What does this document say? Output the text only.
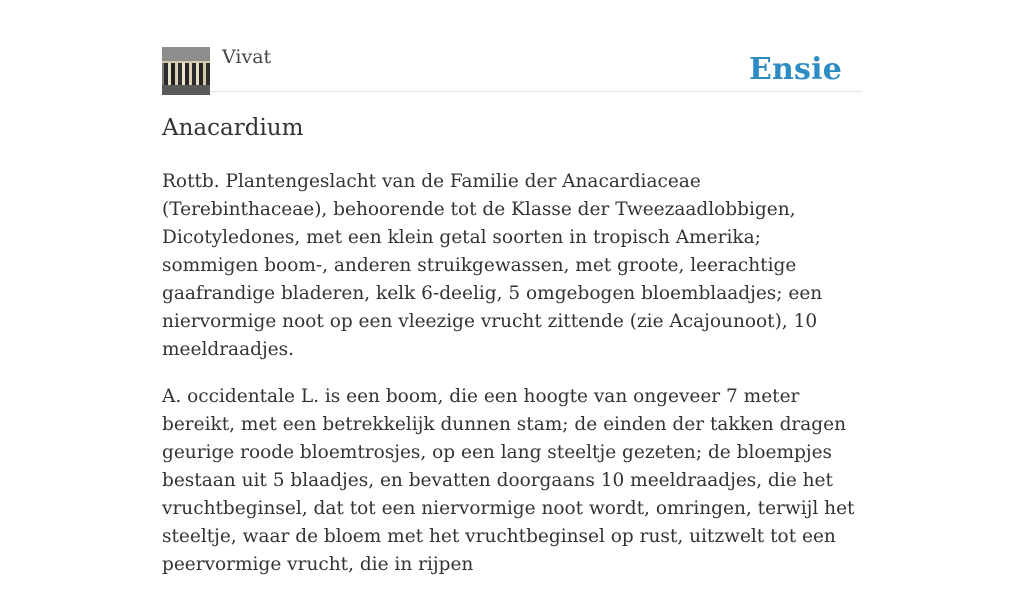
Vivat	Ensie
Anacardium

Rottb. Plantengeslacht van de Familie der Anacardiaceae (Terebinthaceae), behoorende tot de Klasse der Tweezaadlobbigen, Dicotyledones, met een klein getal soorten in tropisch Amerika; sommigen boom-, anderen struikgewassen, met groote, leerachtige gaafrandige bladeren, kelk 6-deelig, 5 omgebogen bloemblaadjes; een niervormige noot op een vleezige vrucht zittende (zie Acajounoot), 10 meeldraadjes.

A. occidentale L. is een boom, die een hoogte van ongeveer 7 meter bereikt, met een betrekkelijk dunnen stam; de einden der takken dragen geurige roode bloemtrosjes, op een lang steeltje gezeten; de bloempjes bestaan uit 5 blaadjes, en bevatten doorgaans 10 meeldraadjes, die het vruchtbeginsel, dat tot een niervormige noot wordt, omringen, terwijl het steeltje, waar de bloem met het vruchtbeginsel op rust, uitzwelt tot een peervormige vrucht, die in rijpen
